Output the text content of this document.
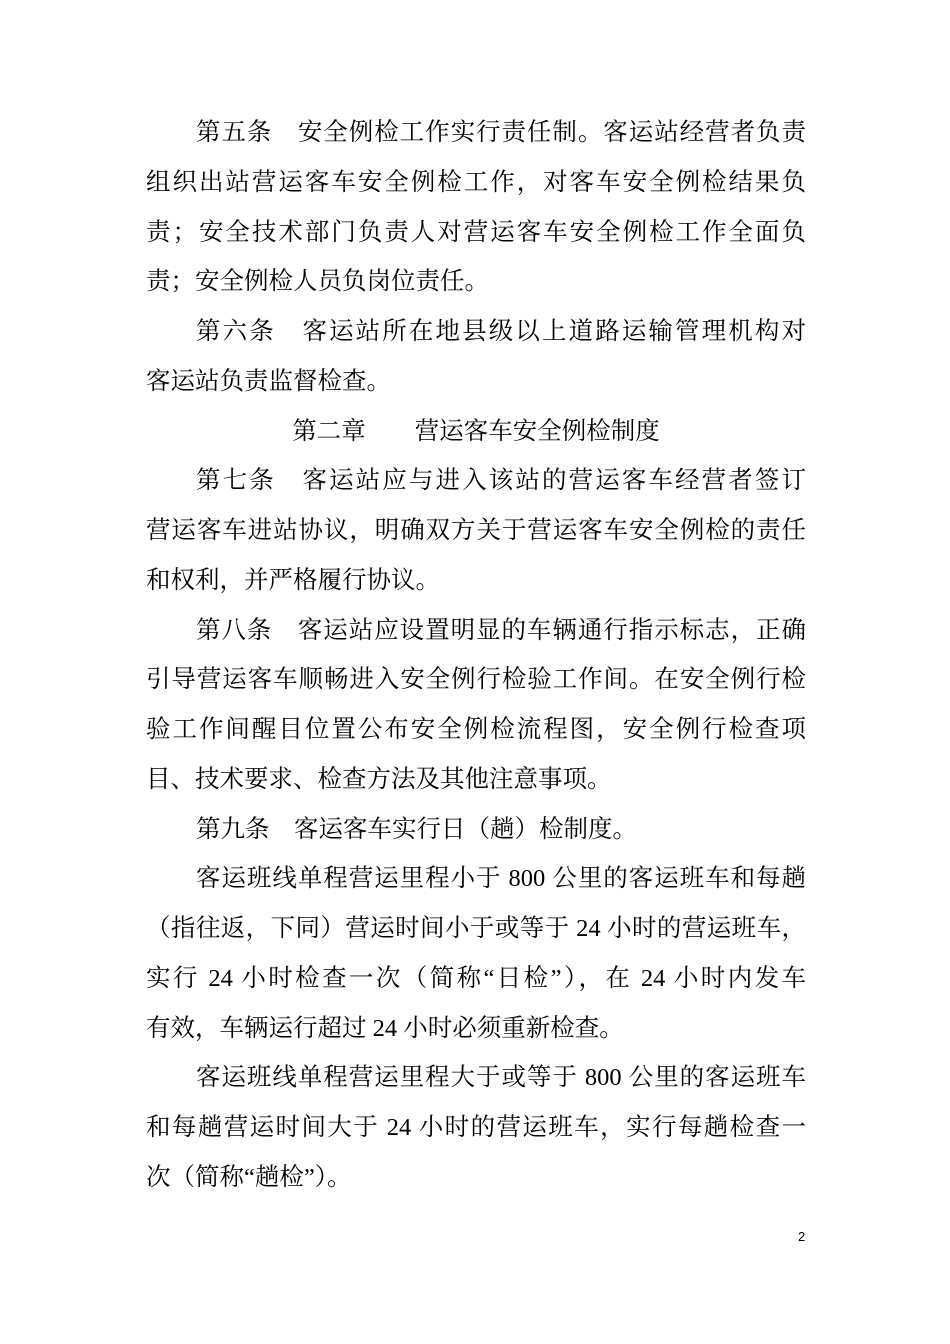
第五条　安全例检工作实行责任制。客运站经营者负责
组织出站营运客车安全例检工作，对客车安全例检结果负
责；安全技术部门负责人对营运客车安全例检工作全面负
责；安全例检人员负岗位责任。
第六条　客运站所在地县级以上道路运输管理机构对
客运站负责监督检查。
第二章　　营运客车安全例检制度
第七条　客运站应与进入该站的营运客车经营者签订
营运客车进站协议，明确双方关于营运客车安全例检的责任
和权利，并严格履行协议。
第八条　客运站应设置明显的车辆通行指示标志，正确
引导营运客车顺畅进入安全例行检验工作间。在安全例行检
验工作间醒目位置公布安全例检流程图，安全例行检查项
目、技术要求、检查方法及其他注意事项。
第九条　客运客车实行日（趟）检制度。
客运班线单程营运里程小于 800 公里的客运班车和每趟
（指往返，下同）营运时间小于或等于 24 小时的营运班车，
实行 24 小时检查一次（简称“日检”），在 24 小时内发车
有效，车辆运行超过 24 小时必须重新检查。
客运班线单程营运里程大于或等于 800 公里的客运班车
和每趟营运时间大于 24 小时的营运班车，实行每趟检查一
次（简称“趟检”）。
2
